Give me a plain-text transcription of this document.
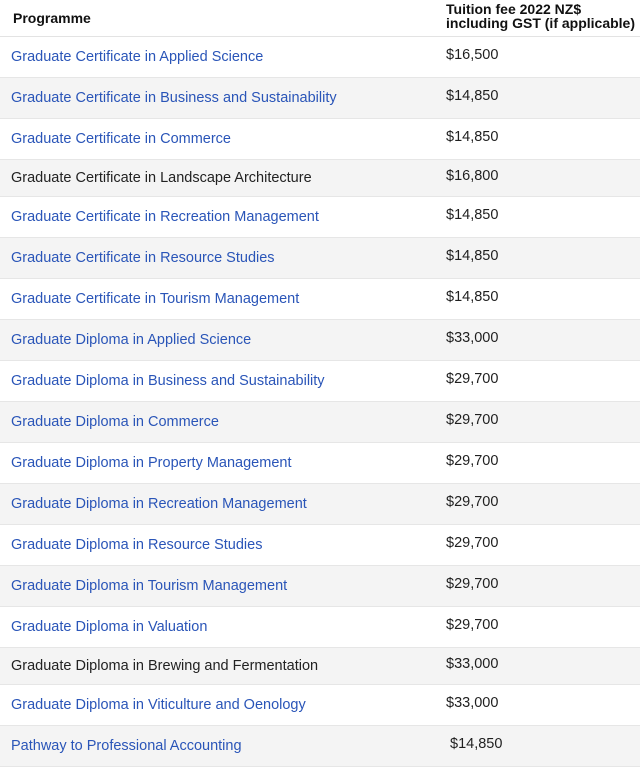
Programme
Tuition fee 2022 NZ$
including GST (if applicable)
Graduate Certificate in Applied Science	$16,500
Graduate Certificate in Business and Sustainability	$14,850
Graduate Certificate in Commerce	$14,850
Graduate Certificate in Landscape Architecture	$16,800
Graduate Certificate in Recreation Management	$14,850
Graduate Certificate in Resource Studies	$14,850
Graduate Certificate in Tourism Management	$14,850
Graduate Diploma in Applied Science	$33,000
Graduate Diploma in Business and Sustainability	$29,700
Graduate Diploma in Commerce	$29,700
Graduate Diploma in Property Management	$29,700
Graduate Diploma in Recreation Management	$29,700
Graduate Diploma in Resource Studies	$29,700
Graduate Diploma in Tourism Management	$29,700
Graduate Diploma in Valuation	$29,700
Graduate Diploma in Brewing and Fermentation	$33,000
Graduate Diploma in Viticulture and Oenology	$33,000
Pathway to Professional Accounting	$14,850
